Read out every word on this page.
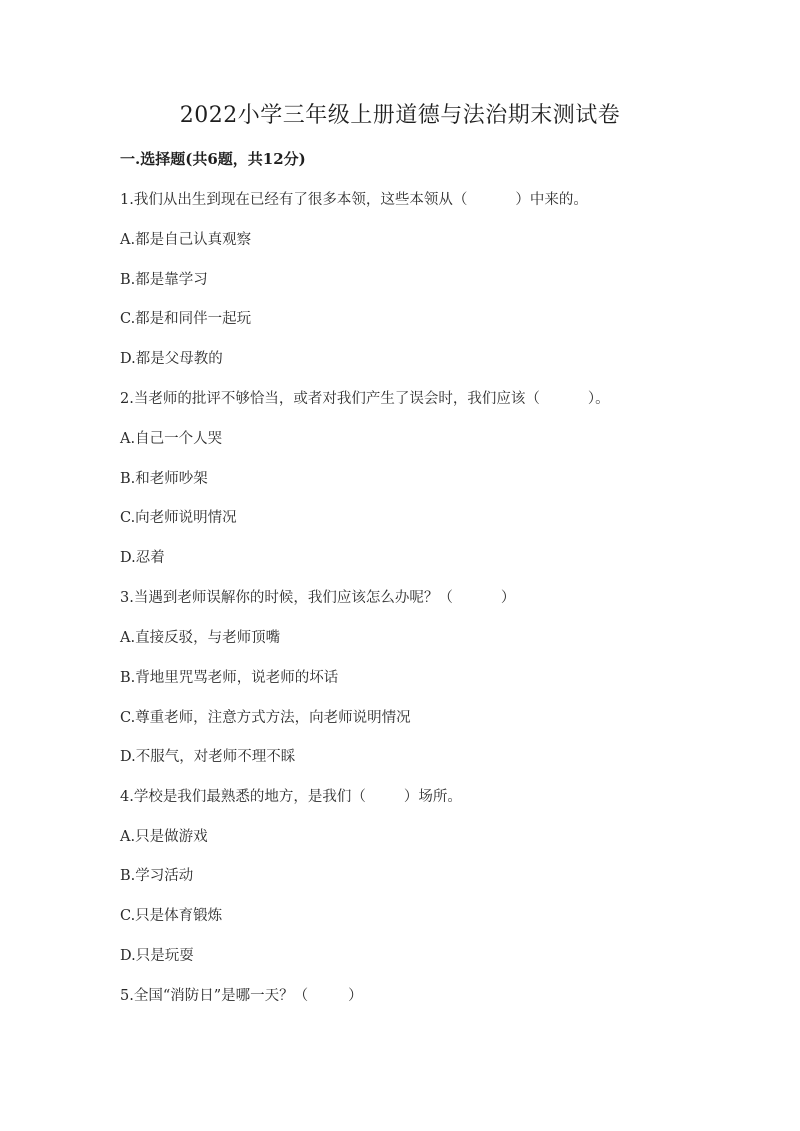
2022小学三年级上册道德与法治期末测试卷
一.选择题(共6题，共12分)
1.我们从出生到现在已经有了很多本领，这些本领从（	）中来的。
A.都是自己认真观察
B.都是靠学习
C.都是和同伴一起玩
D.都是父母教的
2.当老师的批评不够恰当，或者对我们产生了误会时，我们应该（	）。
A.自己一个人哭
B.和老师吵架
C.向老师说明情况
D.忍着
3.当遇到老师误解你的时候，我们应该怎么办呢？（	）
A.直接反驳，与老师顶嘴
B.背地里咒骂老师，说老师的坏话
C.尊重老师，注意方式方法，向老师说明情况
D.不服气，对老师不理不睬
4.学校是我们最熟悉的地方，是我们（	）场所。
A.只是做游戏
B.学习活动
C.只是体育锻炼
D.只是玩耍
5.全国“消防日”是哪一天？（	）
